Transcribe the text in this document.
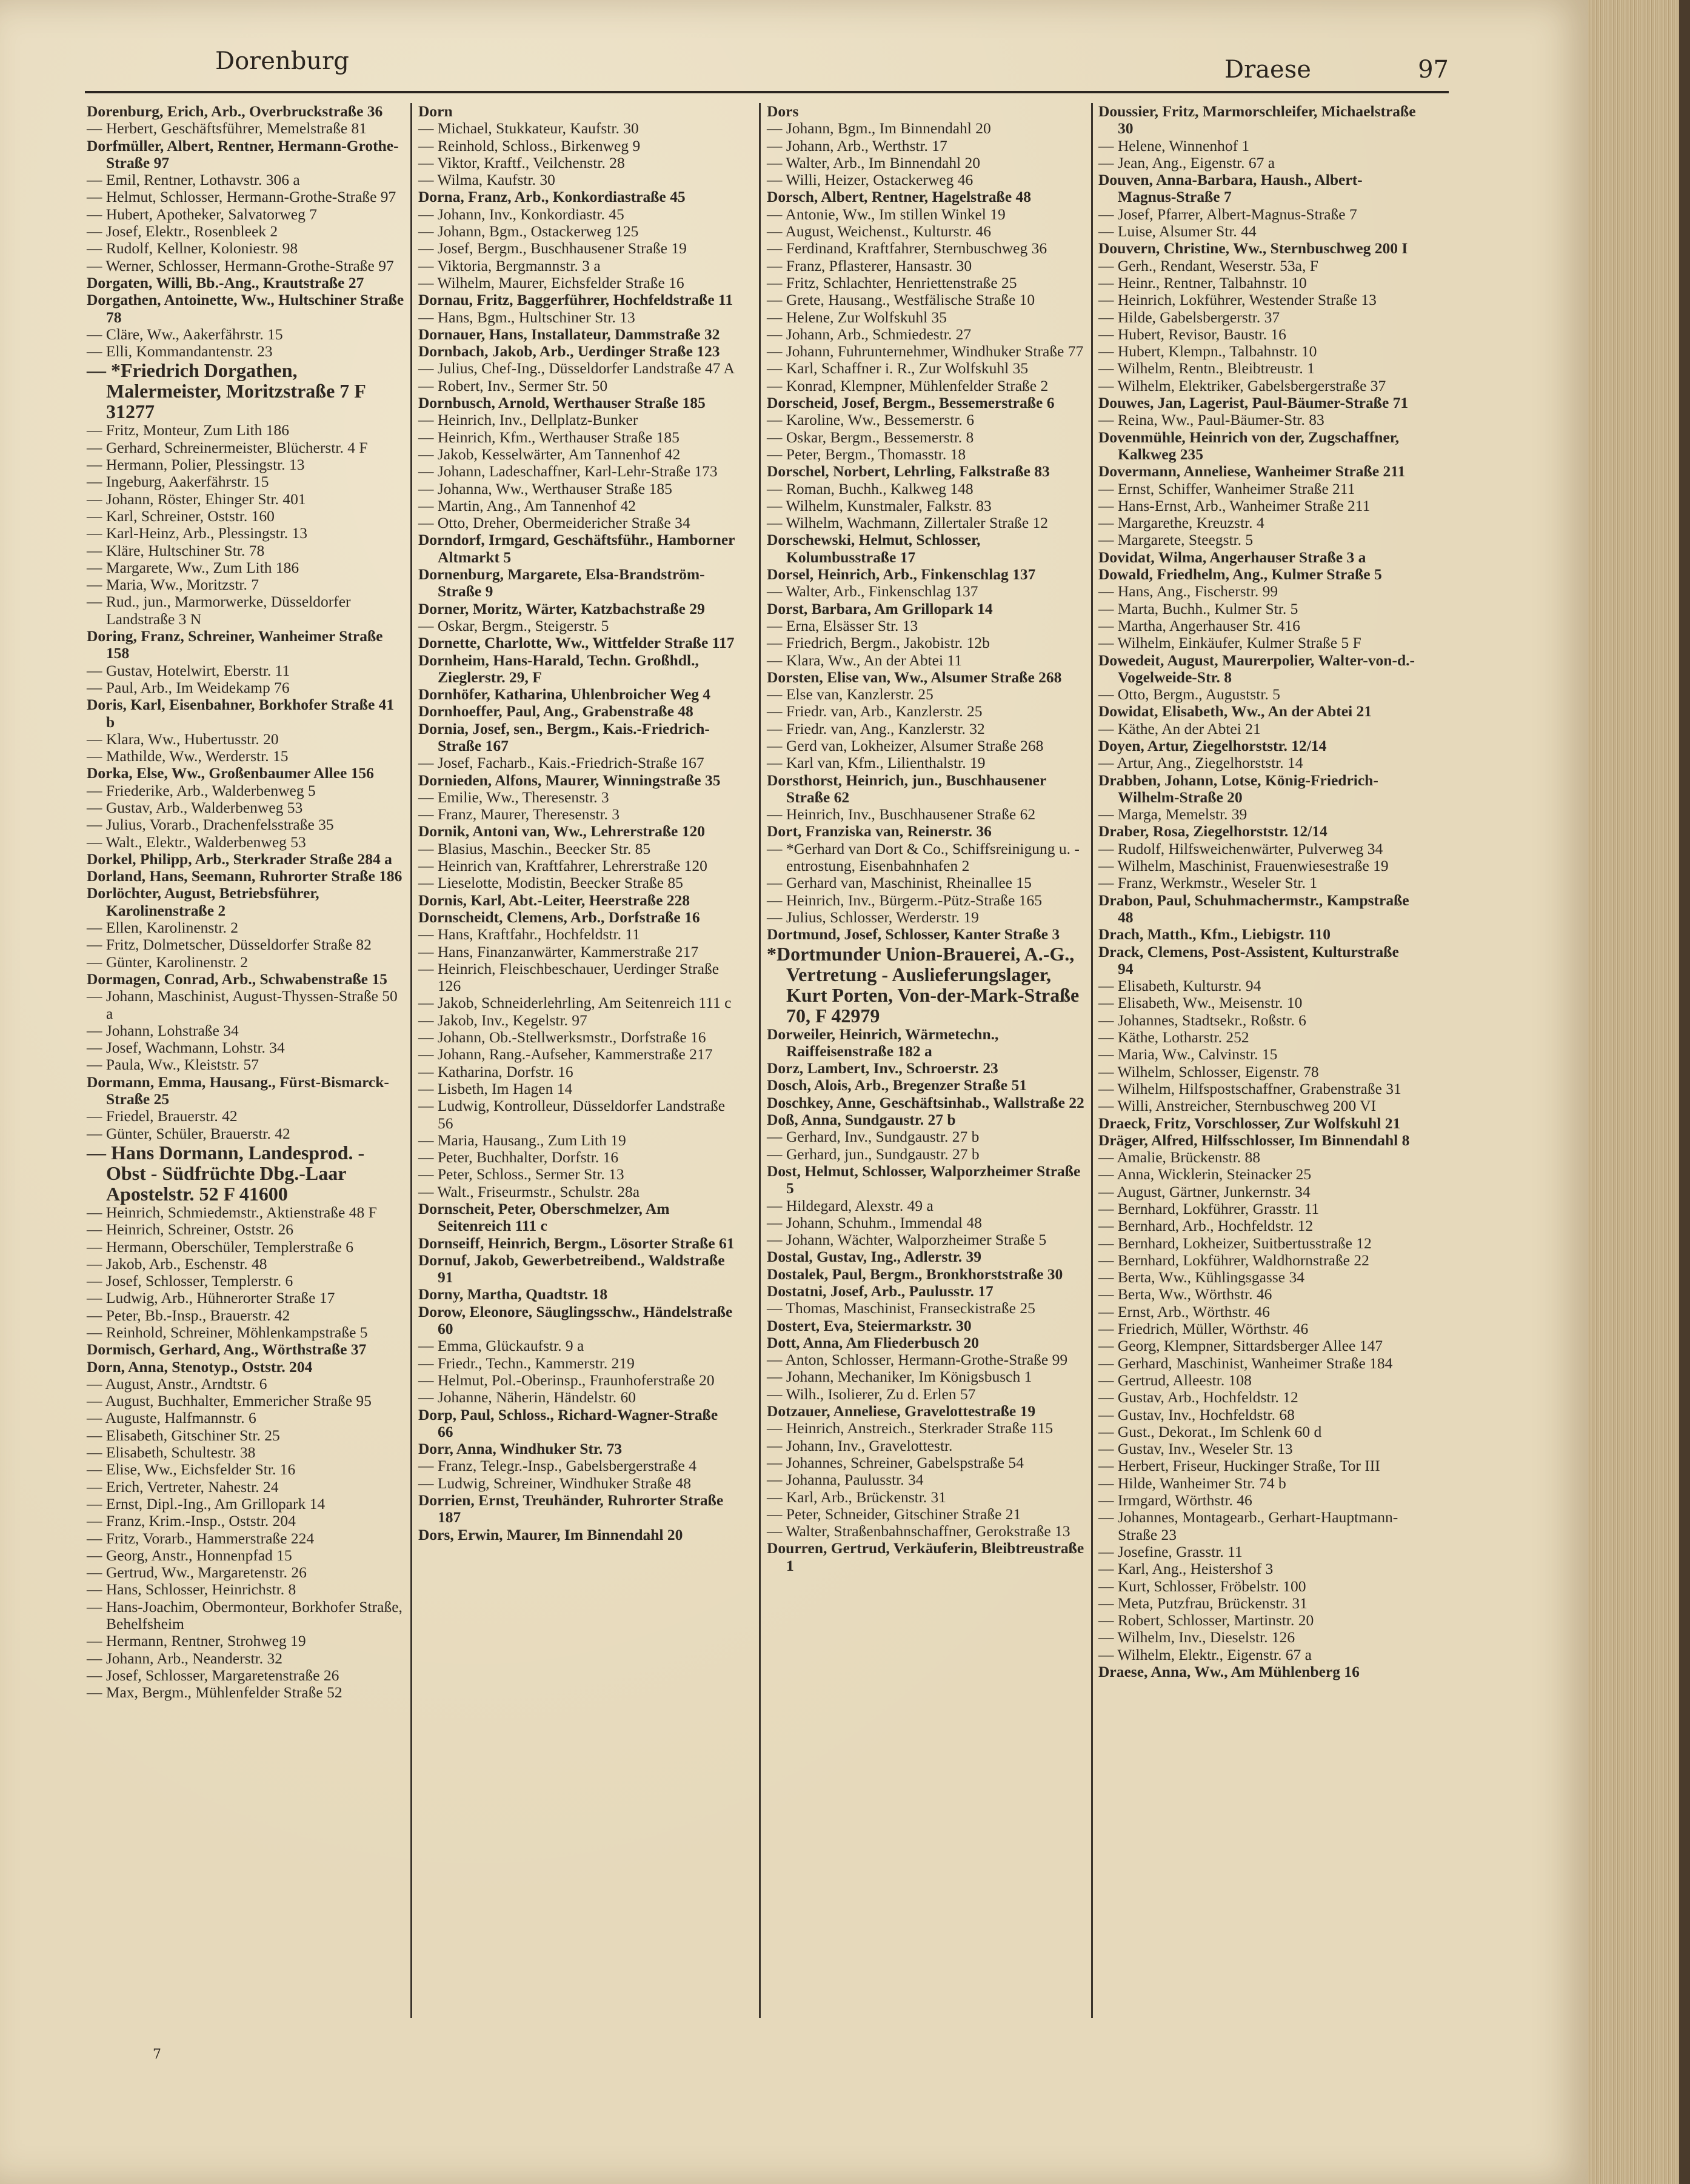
Dorenburg	Draese	97
Dorenburg, Erich, Arb., Overbruckstraße 36
— Herbert, Geschäftsführer, Memelstraße 81
Dorfmüller, Albert, Rentner, Hermann-Grothe-Straße 97
— Emil, Rentner, Lothavstr. 306 a
— Helmut, Schlosser, Hermann-Grothe-Straße 97
— Hubert, Apotheker, Salvatorweg 7
— Josef, Elektr., Rosenbleek 2
— Rudolf, Kellner, Koloniestr. 98
— Werner, Schlosser, Hermann-Grothe-Straße 97
Dorgaten, Willi, Bb.-Ang., Krautstraße 27
Dorgathen, Antoinette, Ww., Hultschiner Straße 78
— Cläre, Ww., Aakerfährstr. 15
— Elli, Kommandantenstr. 23
— *Friedrich Dorgathen, Malermeister, Moritzstraße 7 F 31277
— Fritz, Monteur, Zum Lith 186
— Gerhard, Schreinermeister, Blücherstr. 4 F
— Hermann, Polier, Plessingstr. 13
— Ingeburg, Aakerfährstr. 15
— Johann, Röster, Ehinger Str. 401
— Karl, Schreiner, Oststr. 160
— Karl-Heinz, Arb., Plessingstr. 13
— Kläre, Hultschiner Str. 78
— Margarete, Ww., Zum Lith 186
— Maria, Ww., Moritzstr. 7
— Rud., jun., Marmorwerke, Düsseldorfer Landstraße 3 N
Doring, Franz, Schreiner, Wanheimer Straße 158
— Gustav, Hotelwirt, Eberstr. 11
— Paul, Arb., Im Weidekamp 76
Doris, Karl, Eisenbahner, Borkhofer Straße 41 b
— Klara, Ww., Hubertusstr. 20
— Mathilde, Ww., Werderstr. 15
Dorka, Else, Ww., Großenbaumer Allee 156
— Friederike, Arb., Walderbenweg 5
— Gustav, Arb., Walderbenweg 53
— Julius, Vorarb., Drachenfelsstraße 35
— Walt., Elektr., Walderbenweg 53
Dorkel, Philipp, Arb., Sterkrader Straße 284 a
Dorland, Hans, Seemann, Ruhrorter Straße 186
Dorlöchter, August, Betriebsführer, Karolinenstraße 2
— Ellen, Karolinenstr. 2
— Fritz, Dolmetscher, Düsseldorfer Straße 82
— Günter, Karolinenstr. 2
Dormagen, Conrad, Arb., Schwabenstraße 15
— Johann, Maschinist, August-Thyssen-Straße 50 a
— Johann, Lohstraße 34
— Josef, Wachmann, Lohstr. 34
— Paula, Ww., Kleiststr. 57
Dormann, Emma, Hausang., Fürst-Bismarck-Straße 25
— Friedel, Brauerstr. 42
— Günter, Schüler, Brauerstr. 42
— Hans Dormann, Landesprod. - Obst - Südfrüchte Dbg.-Laar Apostelstr. 52 F 41600
— Heinrich, Schmiedemstr., Aktienstraße 48 F
— Heinrich, Schreiner, Oststr. 26
— Hermann, Oberschüler, Templerstraße 6
— Jakob, Arb., Eschenstr. 48
— Josef, Schlosser, Templerstr. 6
— Ludwig, Arb., Hühnerorter Straße 17
— Peter, Bb.-Insp., Brauerstr. 42
— Reinhold, Schreiner, Möhlenkampstraße 5
Dormisch, Gerhard, Ang., Wörthstraße 37
Dorn, Anna, Stenotyp., Oststr. 204
— August, Anstr., Arndtstr. 6
— August, Buchhalter, Emmericher Straße 95
— Auguste, Halfmannstr. 6
— Elisabeth, Gitschiner Str. 25
— Elisabeth, Schultestr. 38
— Elise, Ww., Eichsfelder Str. 16
— Erich, Vertreter, Nahestr. 24
— Ernst, Dipl.-Ing., Am Grillopark 14
— Franz, Krim.-Insp., Oststr. 204
— Fritz, Vorarb., Hammerstraße 224
— Georg, Anstr., Honnenpfad 15
— Gertrud, Ww., Margaretenstr. 26
— Hans, Schlosser, Heinrichstr. 8
— Hans-Joachim, Obermonteur, Borkhofer Straße, Behelfsheim
— Hermann, Rentner, Strohweg 19
— Johann, Arb., Neanderstr. 32
— Josef, Schlosser, Margaretenstraße 26
— Max, Bergm., Mühlenfelder Straße 52
Dorn
— Michael, Stukkateur, Kaufstr. 30
— Reinhold, Schloss., Birkenweg 9
— Viktor, Kraftf., Veilchenstr. 28
— Wilma, Kaufstr. 30
Dorna, Franz, Arb., Konkordiastraße 45
— Johann, Inv., Konkordiastr. 45
— Johann, Bgm., Ostackerweg 125
— Josef, Bergm., Buschhausener Straße 19
— Viktoria, Bergmannstr. 3 a
— Wilhelm, Maurer, Eichsfelder Straße 16
Dornau, Fritz, Baggerführer, Hochfeldstraße 11
— Hans, Bgm., Hultschiner Str. 13
Dornauer, Hans, Installateur, Dammstraße 32
Dornbach, Jakob, Arb., Uerdinger Straße 123
— Julius, Chef-Ing., Düsseldorfer Landstraße 47 A
— Robert, Inv., Sermer Str. 50
Dornbusch, Arnold, Werthauser Straße 185
— Heinrich, Inv., Dellplatz-Bunker
— Heinrich, Kfm., Werthauser Straße 185
— Jakob, Kesselwärter, Am Tannenhof 42
— Johann, Ladeschaffner, Karl-Lehr-Straße 173
— Johanna, Ww., Werthauser Straße 185
— Martin, Ang., Am Tannenhof 42
— Otto, Dreher, Obermeidericher Straße 34
Dorndorf, Irmgard, Geschäftsführ., Hamborner Altmarkt 5
Dornenburg, Margarete, Elsa-Brandström-Straße 9
Dorner, Moritz, Wärter, Katzbachstraße 29
— Oskar, Bergm., Steigerstr. 5
Dornette, Charlotte, Ww., Wittfelder Straße 117
Dornheim, Hans-Harald, Techn. Großhdl., Zieglerstr. 29, F
Dornhöfer, Katharina, Uhlenbroicher Weg 4
Dornhoeffer, Paul, Ang., Grabenstraße 48
Dornia, Josef, sen., Bergm., Kais.-Friedrich-Straße 167
— Josef, Facharb., Kais.-Friedrich-Straße 167
Dornieden, Alfons, Maurer, Winningstraße 35
— Emilie, Ww., Theresenstr. 3
— Franz, Maurer, Theresenstr. 3
Dornik, Antoni van, Ww., Lehrerstraße 120
— Blasius, Maschin., Beecker Str. 85
— Heinrich van, Kraftfahrer, Lehrerstraße 120
— Lieselotte, Modistin, Beecker Straße 85
Dornis, Karl, Abt.-Leiter, Heerstraße 228
Dornscheidt, Clemens, Arb., Dorfstraße 16
— Hans, Kraftfahr., Hochfeldstr. 11
— Hans, Finanzanwärter, Kammerstraße 217
— Heinrich, Fleischbeschauer, Uerdinger Straße 126
— Jakob, Schneiderlehrling, Am Seitenreich 111 c
— Jakob, Inv., Kegelstr. 97
— Johann, Ob.-Stellwerksmstr., Dorfstraße 16
— Johann, Rang.-Aufseher, Kammerstraße 217
— Katharina, Dorfstr. 16
— Lisbeth, Im Hagen 14
— Ludwig, Kontrolleur, Düsseldorfer Landstraße 56
— Maria, Hausang., Zum Lith 19
— Peter, Buchhalter, Dorfstr. 16
— Peter, Schloss., Sermer Str. 13
— Walt., Friseurmstr., Schulstr. 28a
Dornscheit, Peter, Oberschmelzer, Am Seitenreich 111 c
Dornseiff, Heinrich, Bergm., Lösorter Straße 61
Dornuf, Jakob, Gewerbetreibend., Waldstraße 91
Dorny, Martha, Quadtstr. 18
Dorow, Eleonore, Säuglingsschw., Händelstraße 60
— Emma, Glückaufstr. 9 a
— Friedr., Techn., Kammerstr. 219
— Helmut, Pol.-Oberinsp., Fraunhoferstraße 20
— Johanne, Näherin, Händelstr. 60
Dorp, Paul, Schloss., Richard-Wagner-Straße 66
Dorr, Anna, Windhuker Str. 73
— Franz, Telegr.-Insp., Gabelsbergerstraße 4
— Ludwig, Schreiner, Windhuker Straße 48
Dorrien, Ernst, Treuhänder, Ruhrorter Straße 187
Dors, Erwin, Maurer, Im Binnendahl 20
Dors
— Johann, Bgm., Im Binnendahl 20
— Johann, Arb., Werthstr. 17
— Walter, Arb., Im Binnendahl 20
— Willi, Heizer, Ostackerweg 46
Dorsch, Albert, Rentner, Hagelstraße 48
— Antonie, Ww., Im stillen Winkel 19
— August, Weichenst., Kulturstr. 46
— Ferdinand, Kraftfahrer, Sternbuschweg 36
— Franz, Pflasterer, Hansastr. 30
— Fritz, Schlachter, Henriettenstraße 25
— Grete, Hausang., Westfälische Straße 10
— Helene, Zur Wolfskuhl 35
— Johann, Arb., Schmiedestr. 27
— Johann, Fuhrunternehmer, Windhuker Straße 77
— Karl, Schaffner i. R., Zur Wolfskuhl 35
— Konrad, Klempner, Mühlenfelder Straße 2
Dorscheid, Josef, Bergm., Bessemerstraße 6
— Karoline, Ww., Bessemerstr. 6
— Oskar, Bergm., Bessemerstr. 8
— Peter, Bergm., Thomasstr. 18
Dorschel, Norbert, Lehrling, Falkstraße 83
— Roman, Buchh., Kalkweg 148
— Wilhelm, Kunstmaler, Falkstr. 83
— Wilhelm, Wachmann, Zillertaler Straße 12
Dorschewski, Helmut, Schlosser, Kolumbusstraße 17
Dorsel, Heinrich, Arb., Finkenschlag 137
— Walter, Arb., Finkenschlag 137
Dorst, Barbara, Am Grillopark 14
— Erna, Elsässer Str. 13
— Friedrich, Bergm., Jakobistr. 12b
— Klara, Ww., An der Abtei 11
Dorsten, Elise van, Ww., Alsumer Straße 268
— Else van, Kanzlerstr. 25
— Friedr. van, Arb., Kanzlerstr. 25
— Friedr. van, Ang., Kanzlerstr. 32
— Gerd van, Lokheizer, Alsumer Straße 268
— Karl van, Kfm., Lilienthalstr. 19
Dorsthorst, Heinrich, jun., Buschhausener Straße 62
— Heinrich, Inv., Buschhausener Straße 62
Dort, Franziska van, Reinerstr. 36
— *Gerhard van Dort & Co., Schiffsreinigung u. -entrostung, Eisenbahnhafen 2
— Gerhard van, Maschinist, Rheinallee 15
— Heinrich, Inv., Bürgerm.-Pütz-Straße 165
— Julius, Schlosser, Werderstr. 19
Dortmund, Josef, Schlosser, Kanter Straße 3
*Dortmunder Union-Brauerei, A.-G., Vertretung - Auslieferungslager, Kurt Porten, Von-der-Mark-Straße 70, F 42979
Dorweiler, Heinrich, Wärmetechn., Raiffeisenstraße 182 a
Dorz, Lambert, Inv., Schroerstr. 23
Dosch, Alois, Arb., Bregenzer Straße 51
Doschkey, Anne, Geschäftsinhab., Wallstraße 22
Doß, Anna, Sundgaustr. 27 b
— Gerhard, Inv., Sundgaustr. 27 b
— Gerhard, jun., Sundgaustr. 27 b
Dost, Helmut, Schlosser, Walporzheimer Straße 5
— Hildegard, Alexstr. 49 a
— Johann, Schuhm., Immendal 48
— Johann, Wächter, Walporzheimer Straße 5
Dostal, Gustav, Ing., Adlerstr. 39
Dostalek, Paul, Bergm., Bronkhorststraße 30
Dostatni, Josef, Arb., Paulusstr. 17
— Thomas, Maschinist, Franseckistraße 25
Dostert, Eva, Steiermarkstr. 30
Dott, Anna, Am Fliederbusch 20
— Anton, Schlosser, Hermann-Grothe-Straße 99
— Johann, Mechaniker, Im Königsbusch 1
— Wilh., Isolierer, Zu d. Erlen 57
Dotzauer, Anneliese, Gravelottestraße 19
— Heinrich, Anstreich., Sterkrader Straße 115
— Johann, Inv., Gravelottestr.
— Johannes, Schreiner, Gabelspstraße 54
— Johanna, Paulusstr. 34
— Karl, Arb., Brückenstr. 31
— Peter, Schneider, Gitschiner Straße 21
— Walter, Straßenbahnschaffner, Gerokstraße 13
Dourren, Gertrud, Verkäuferin, Bleibtreustraße 1
Doussier, Fritz, Marmorschleifer, Michaelstraße 30
— Helene, Winnenhof 1
— Jean, Ang., Eigenstr. 67 a
Douven, Anna-Barbara, Haush., Albert-Magnus-Straße 7
— Josef, Pfarrer, Albert-Magnus-Straße 7
— Luise, Alsumer Str. 44
Douvern, Christine, Ww., Sternbuschweg 200 I
— Gerh., Rendant, Weserstr. 53a, F
— Heinr., Rentner, Talbahnstr. 10
— Heinrich, Lokführer, Westender Straße 13
— Hilde, Gabelsbergerstr. 37
— Hubert, Revisor, Baustr. 16
— Hubert, Klempn., Talbahnstr. 10
— Wilhelm, Rentn., Bleibtreustr. 1
— Wilhelm, Elektriker, Gabelsbergerstraße 37
Douwes, Jan, Lagerist, Paul-Bäumer-Straße 71
— Reina, Ww., Paul-Bäumer-Str. 83
Dovenmühle, Heinrich von der, Zugschaffner, Kalkweg 235
Dovermann, Anneliese, Wanheimer Straße 211
— Ernst, Schiffer, Wanheimer Straße 211
— Hans-Ernst, Arb., Wanheimer Straße 211
— Margarethe, Kreuzstr. 4
— Margarete, Steegstr. 5
Dovidat, Wilma, Angerhauser Straße 3 a
Dowald, Friedhelm, Ang., Kulmer Straße 5
— Hans, Ang., Fischerstr. 99
— Marta, Buchh., Kulmer Str. 5
— Martha, Angerhauser Str. 416
— Wilhelm, Einkäufer, Kulmer Straße 5 F
Dowedeit, August, Maurerpolier, Walter-von-d.-Vogelweide-Str. 8
— Otto, Bergm., Auguststr. 5
Dowidat, Elisabeth, Ww., An der Abtei 21
— Käthe, An der Abtei 21
Doyen, Artur, Ziegelhorststr. 12/14
— Artur, Ang., Ziegelhorststr. 14
Drabben, Johann, Lotse, König-Friedrich-Wilhelm-Straße 20
— Marga, Memelstr. 39
Draber, Rosa, Ziegelhorststr. 12/14
— Rudolf, Hilfsweichenwärter, Pulverweg 34
— Wilhelm, Maschinist, Frauenwiesestraße 19
— Franz, Werkmstr., Weseler Str. 1
Drabon, Paul, Schuhmachermstr., Kampstraße 48
Drach, Matth., Kfm., Liebigstr. 110
Drack, Clemens, Post-Assistent, Kulturstraße 94
— Elisabeth, Kulturstr. 94
— Elisabeth, Ww., Meisenstr. 10
— Johannes, Stadtsekr., Roßstr. 6
— Käthe, Lotharstr. 252
— Maria, Ww., Calvinstr. 15
— Wilhelm, Schlosser, Eigenstr. 78
— Wilhelm, Hilfspostschaffner, Grabenstraße 31
— Willi, Anstreicher, Sternbuschweg 200 VI
Draeck, Fritz, Vorschlosser, Zur Wolfskuhl 21
Dräger, Alfred, Hilfsschlosser, Im Binnendahl 8
— Amalie, Brückenstr. 88
— Anna, Wicklerin, Steinacker 25
— August, Gärtner, Junkernstr. 34
— Bernhard, Lokführer, Grasstr. 11
— Bernhard, Arb., Hochfeldstr. 12
— Bernhard, Lokheizer, Suitbertusstraße 12
— Bernhard, Lokführer, Waldhornstraße 22
— Berta, Ww., Kühlingsgasse 34
— Berta, Ww., Wörthstr. 46
— Ernst, Arb., Wörthstr. 46
— Friedrich, Müller, Wörthstr. 46
— Georg, Klempner, Sittardsberger Allee 147
— Gerhard, Maschinist, Wanheimer Straße 184
— Gertrud, Alleestr. 108
— Gustav, Arb., Hochfeldstr. 12
— Gustav, Inv., Hochfeldstr. 68
— Gust., Dekorat., Im Schlenk 60 d
— Gustav, Inv., Weseler Str. 13
— Herbert, Friseur, Huckinger Straße, Tor III
— Hilde, Wanheimer Str. 74 b
— Irmgard, Wörthstr. 46
— Johannes, Montagearb., Gerhart-Hauptmann-Straße 23
— Josefine, Grasstr. 11
— Karl, Ang., Heistershof 3
— Kurt, Schlosser, Fröbelstr. 100
— Meta, Putzfrau, Brückenstr. 31
— Robert, Schlosser, Martinstr. 20
— Wilhelm, Inv., Dieselstr. 126
— Wilhelm, Elektr., Eigenstr. 67 a
Draese, Anna, Ww., Am Mühlenberg 16
7
